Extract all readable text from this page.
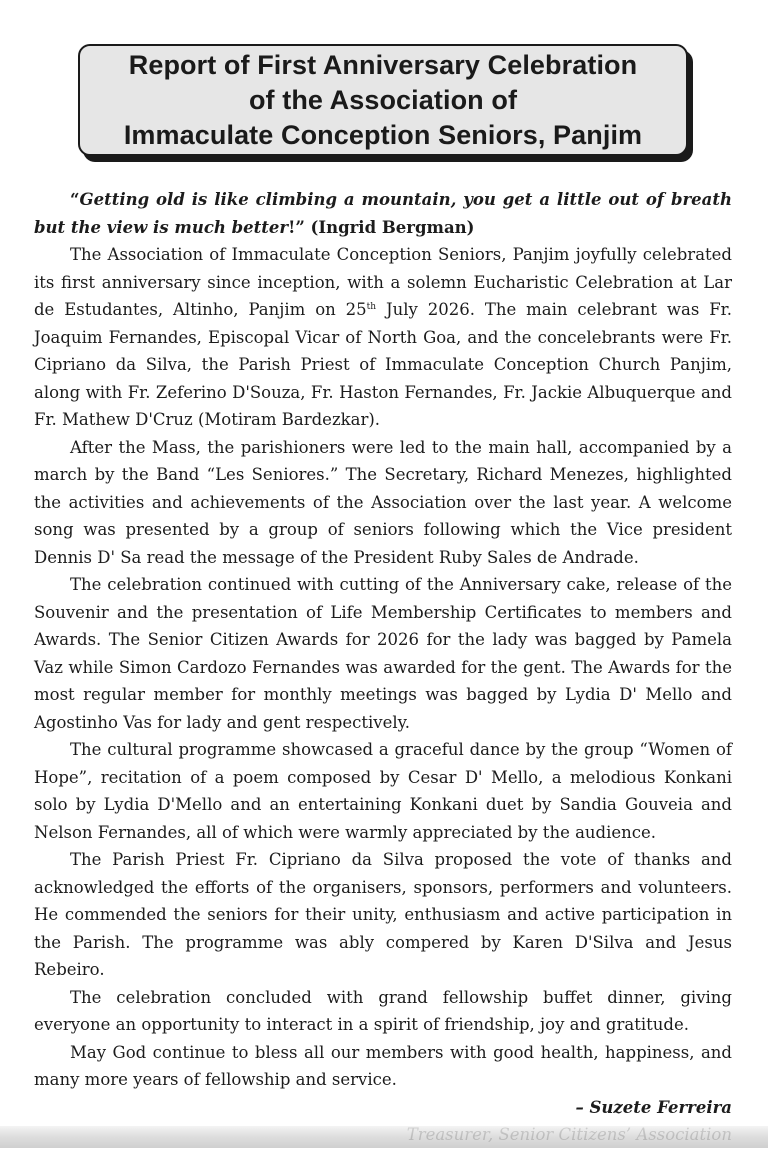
Report of First Anniversary Celebration
of the Association of
Immaculate Conception Seniors, Panjim

“Getting old is like climbing a mountain, you get a little out of breath but the view is much better!” (Ingrid Bergman)

The Association of Immaculate Conception Seniors, Panjim joyfully celebrated its first anniversary since inception, with a solemn Eucharistic Celebration at Lar de Estudantes, Altinho, Panjim on 25th July 2026. The main celebrant was Fr. Joaquim Fernandes, Episcopal Vicar of North Goa, and the concelebrants were Fr. Cipriano da Silva, the Parish Priest of Immaculate Conception Church Panjim, along with Fr. Zeferino D'Souza, Fr. Haston Fernandes, Fr. Jackie Albuquerque and Fr. Mathew D'Cruz (Motiram Bardezkar).

After the Mass, the parishioners were led to the main hall, accompanied by a march by the Band “Les Seniores.” The Secretary, Richard Menezes, highlighted the activities and achievements of the Association over the last year. A welcome song was presented by a group of seniors following which the Vice president Dennis D' Sa read the message of the President Ruby Sales de Andrade.

The celebration continued with cutting of the Anniversary cake, release of the Souvenir and the presentation of Life Membership Certificates to members and Awards. The Senior Citizen Awards for 2026 for the lady was bagged by Pamela Vaz while Simon Cardozo Fernandes was awarded for the gent. The Awards for the most regular member for monthly meetings was bagged by Lydia D' Mello and Agostinho Vas for lady and gent respectively.

The cultural programme showcased a graceful dance by the group “Women of Hope”, recitation of a poem composed by Cesar D' Mello, a melodious Konkani solo by Lydia D'Mello and an entertaining Konkani duet by Sandia Gouveia and Nelson Fernandes, all of which were warmly appreciated by the audience.

The Parish Priest Fr. Cipriano da Silva proposed the vote of thanks and acknowledged the efforts of the organisers, sponsors, performers and volunteers. He commended the seniors for their unity, enthusiasm and active participation in the Parish. The programme was ably compered by Karen D'Silva and Jesus Rebeiro.

The celebration concluded with grand fellowship buffet dinner, giving everyone an opportunity to interact in a spirit of friendship, joy and gratitude.

May God continue to bless all our members with good health, happiness, and many more years of fellowship and service.

– Suzete Ferreira
